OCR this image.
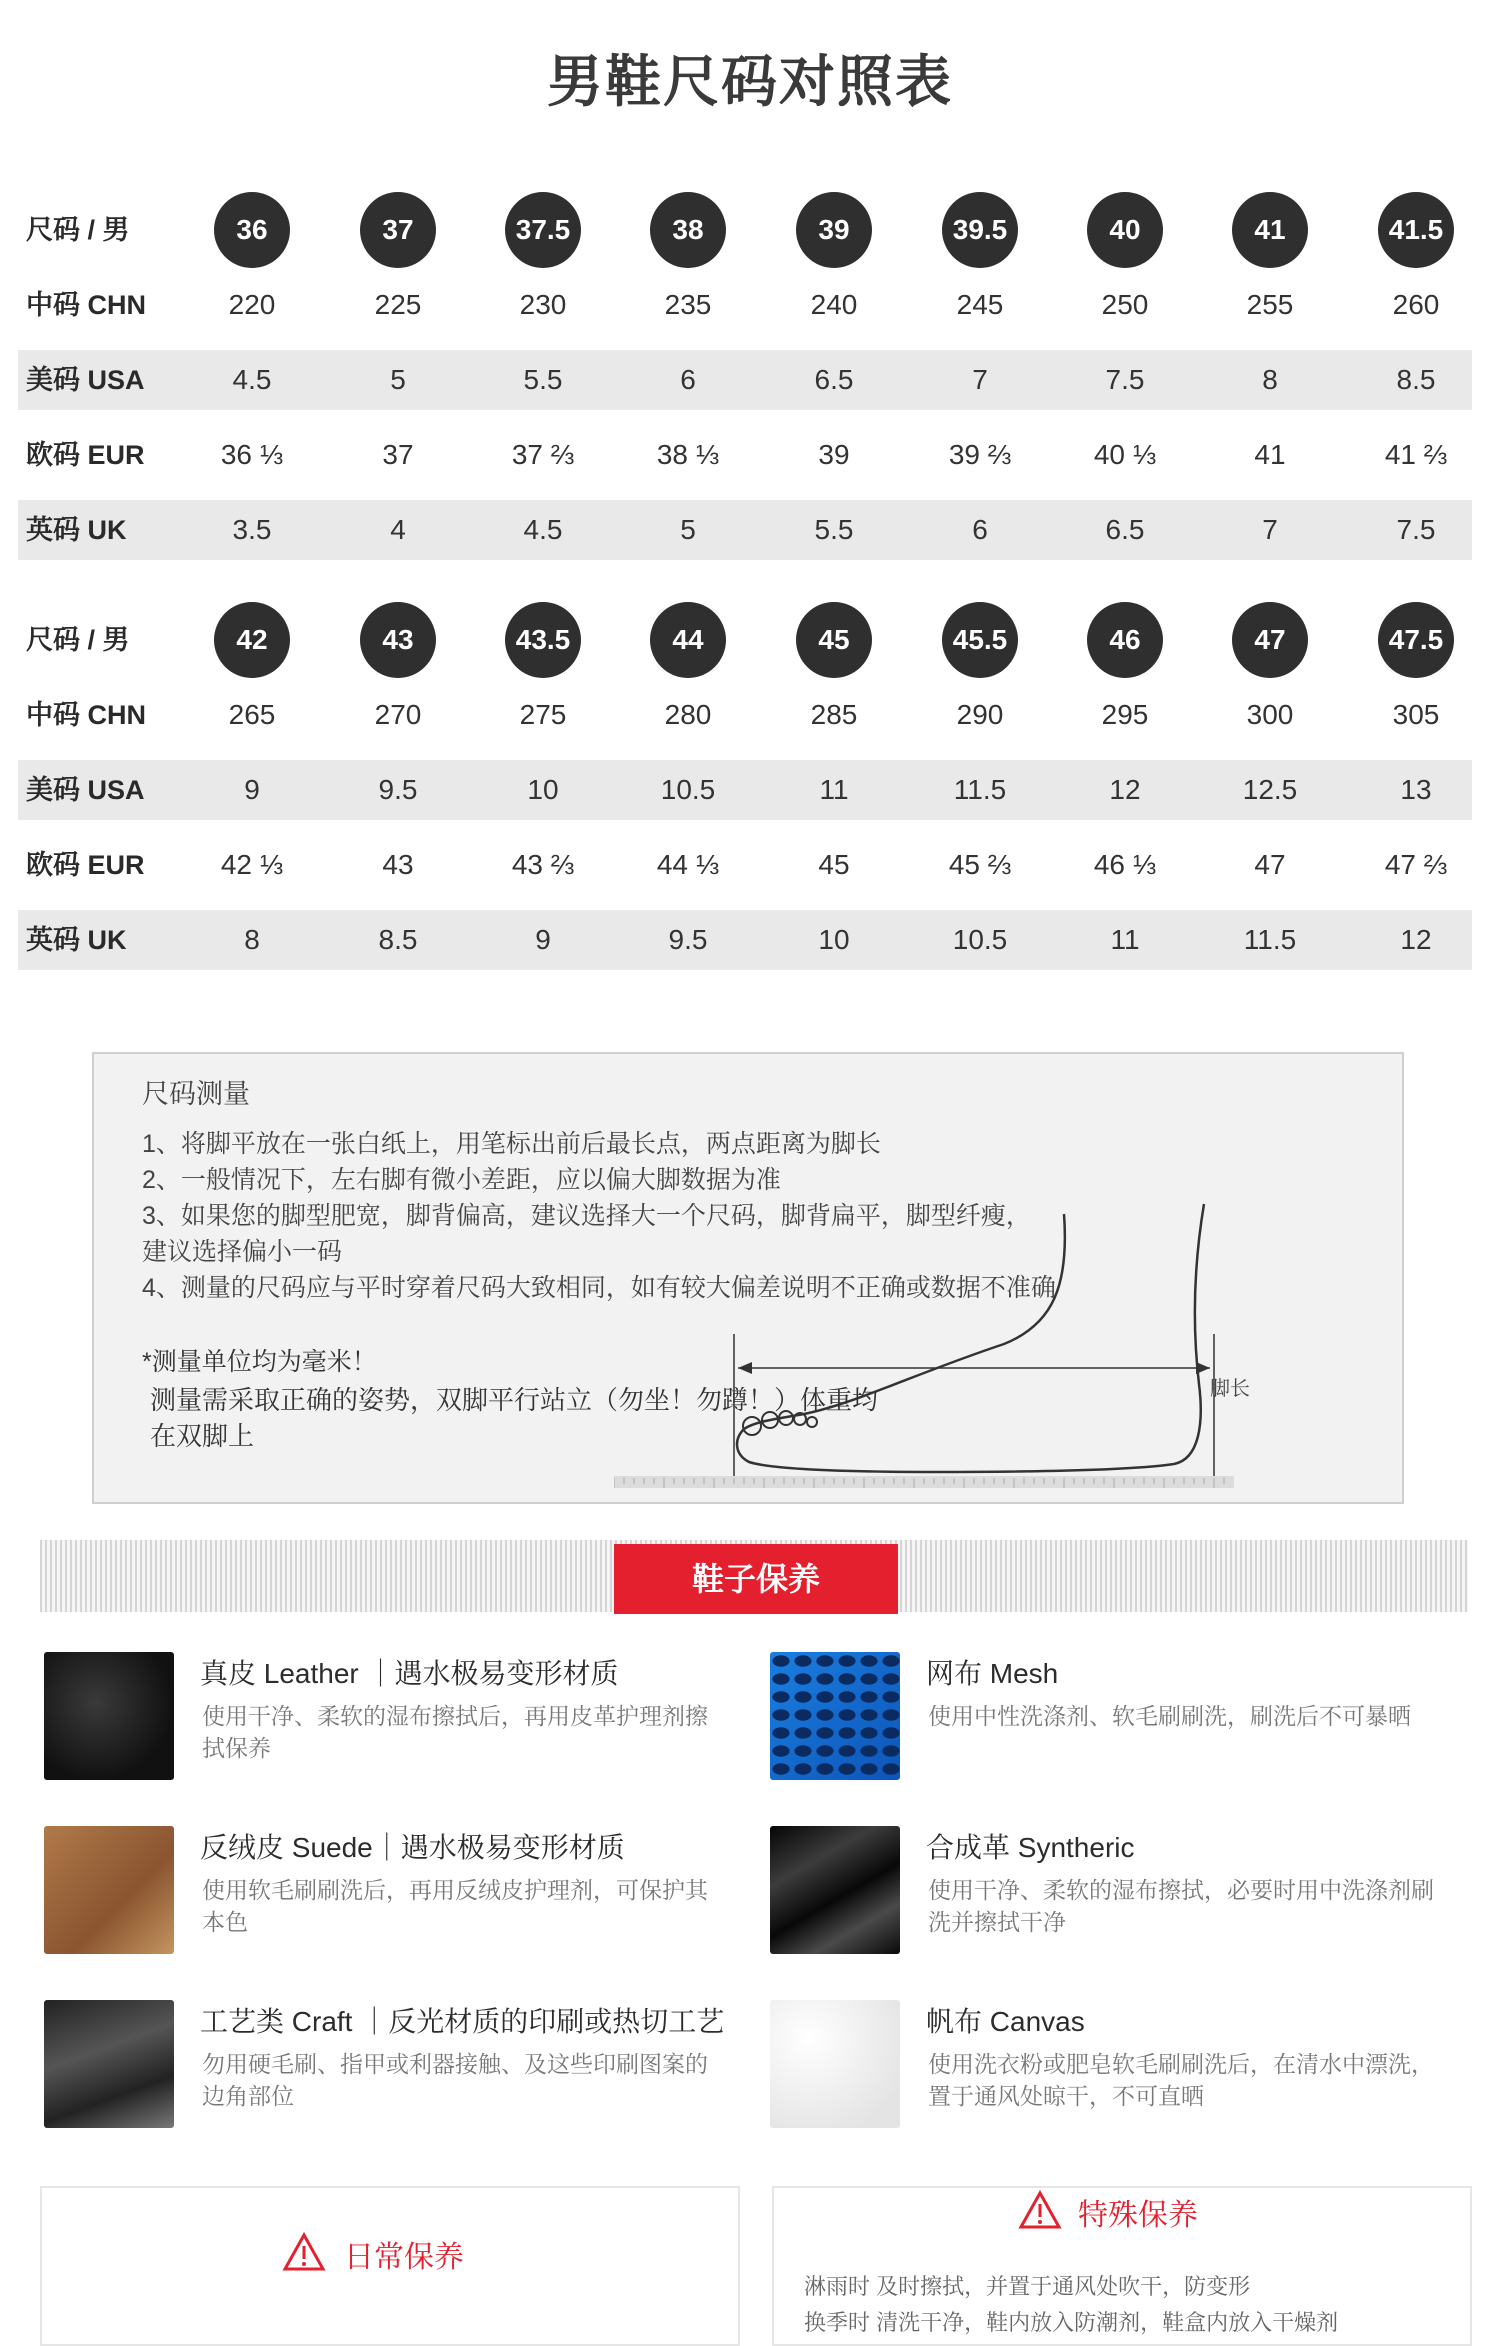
男鞋尺码对照表
尺码 / 男	36	37	37.5	38	39	39.5	40	41	41.5
中码 CHN	220	225	230	235	240	245	250	255	260
美码 USA	4.5	5	5.5	6	6.5	7	7.5	8	8.5
欧码 EUR	36 ⅓	37	37 ⅔	38 ⅓	39	39 ⅔	40 ⅓	41	41 ⅔
英码 UK	3.5	4	4.5	5	5.5	6	6.5	7	7.5
尺码 / 男	42	43	43.5	44	45	45.5	46	47	47.5
中码 CHN	265	270	275	280	285	290	295	300	305
美码 USA	9	9.5	10	10.5	11	11.5	12	12.5	13
欧码 EUR	42 ⅓	43	43 ⅔	44 ⅓	45	45 ⅔	46 ⅓	47	47 ⅔
英码 UK	8	8.5	9	9.5	10	10.5	11	11.5	12
尺码测量
1、将脚平放在一张白纸上，用笔标出前后最长点，两点距离为脚长
2、一般情况下，左右脚有微小差距，应以偏大脚数据为准
3、如果您的脚型肥宽，脚背偏高，建议选择大一个尺码，脚背扁平，脚型纤瘦，
建议选择偏小一码
4、测量的尺码应与平时穿着尺码大致相同，如有较大偏差说明不正确或数据不准确
*测量单位均为毫米！
测量需采取正确的姿势，双脚平行站立（勿坐！勿蹲！）体重均
在双脚上
脚长
鞋子保养
真皮 Leather ｜遇水极易变形材质
使用干净、柔软的湿布擦拭后，再用皮革护理剂擦拭保养
网布 Mesh
使用中性洗涤剂、软毛刷刷洗，刷洗后不可暴晒
反绒皮 Suede｜遇水极易变形材质
使用软毛刷刷洗后，再用反绒皮护理剂，可保护其本色
合成革 Syntheric
使用干净、柔软的湿布擦拭，必要时用中洗涤剂刷洗并擦拭干净
工艺类 Craft ｜反光材质的印刷或热切工艺
勿用硬毛刷、指甲或利器接触、及这些印刷图案的边角部位
帆布 Canvas
使用洗衣粉或肥皂软毛刷刷洗后，在清水中漂洗，置于通风处晾干，不可直晒
日常保养
特殊保养
淋雨时 及时擦拭，并置于通风处吹干，防变形
换季时 清洗干净，鞋内放入防潮剂，鞋盒内放入干燥剂
